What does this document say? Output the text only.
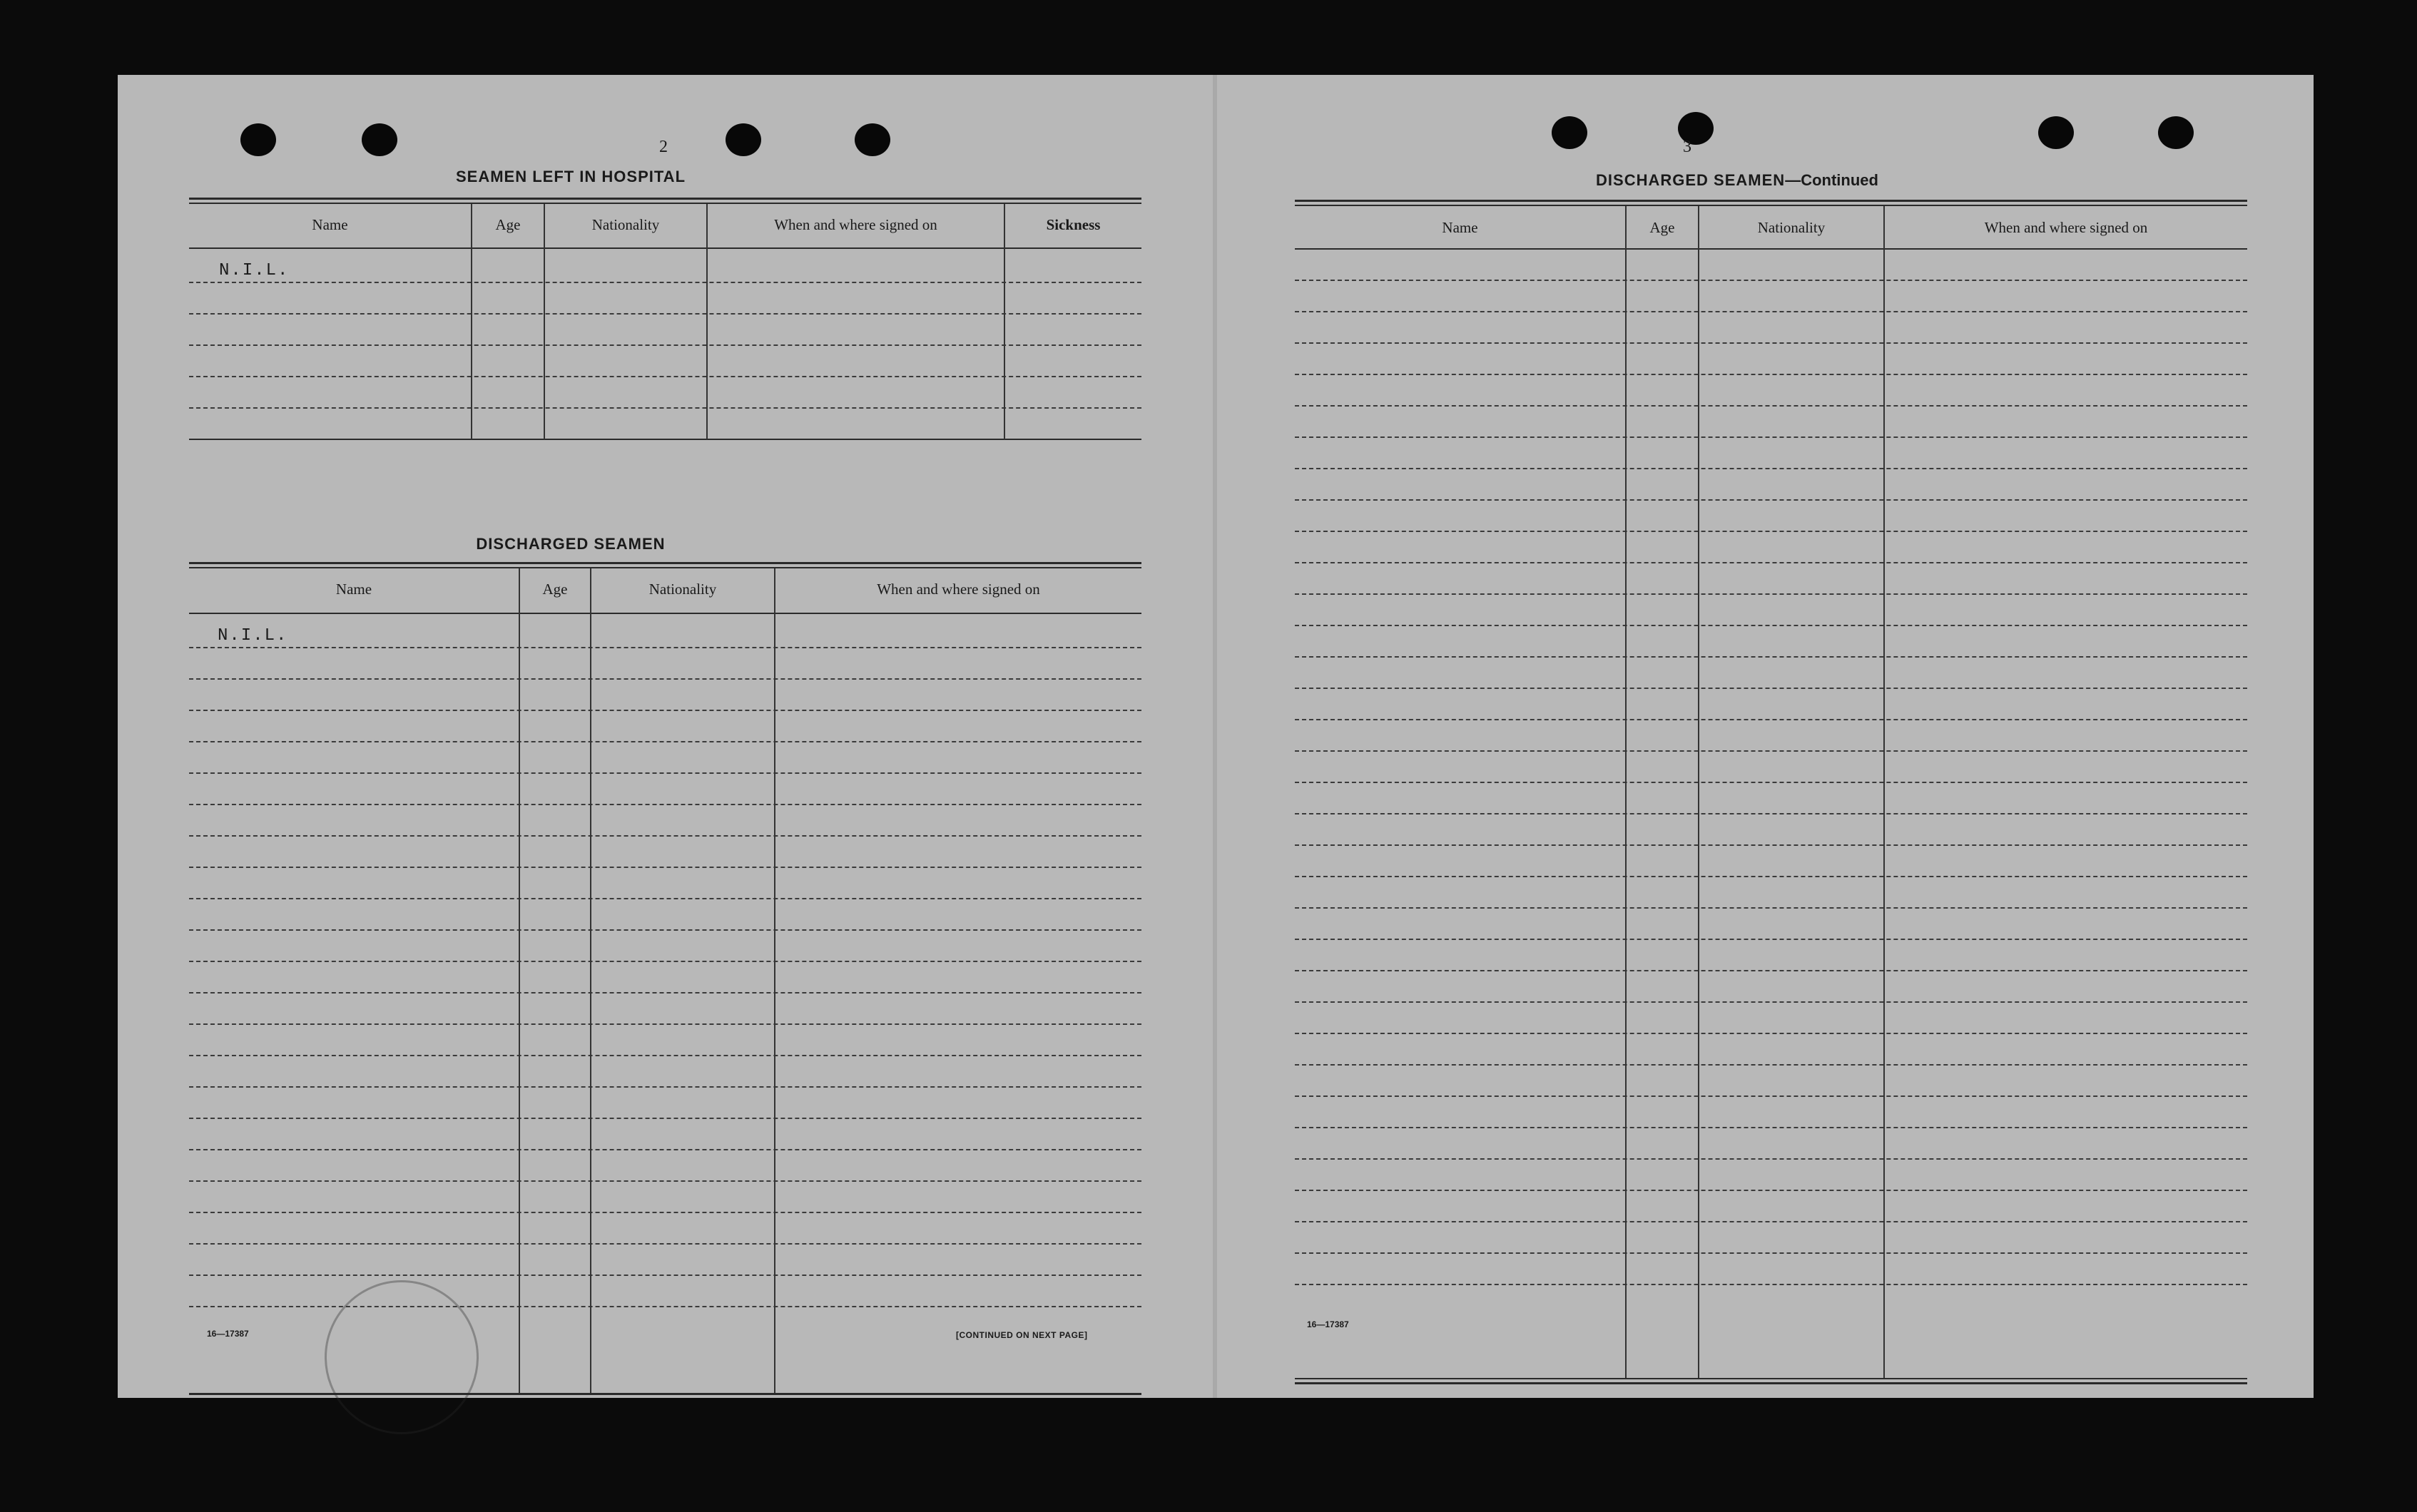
2
SEAMEN LEFT IN HOSPITAL
Name	Age	Nationality	When and where signed on	Sickness
N.I.L.
DISCHARGED SEAMEN
Name	Age	Nationality	When and where signed on
N.I.L.
16—17387	[CONTINUED ON NEXT PAGE]
3
DISCHARGED SEAMEN—Continued
Name	Age	Nationality	When and where signed on
16—17387
